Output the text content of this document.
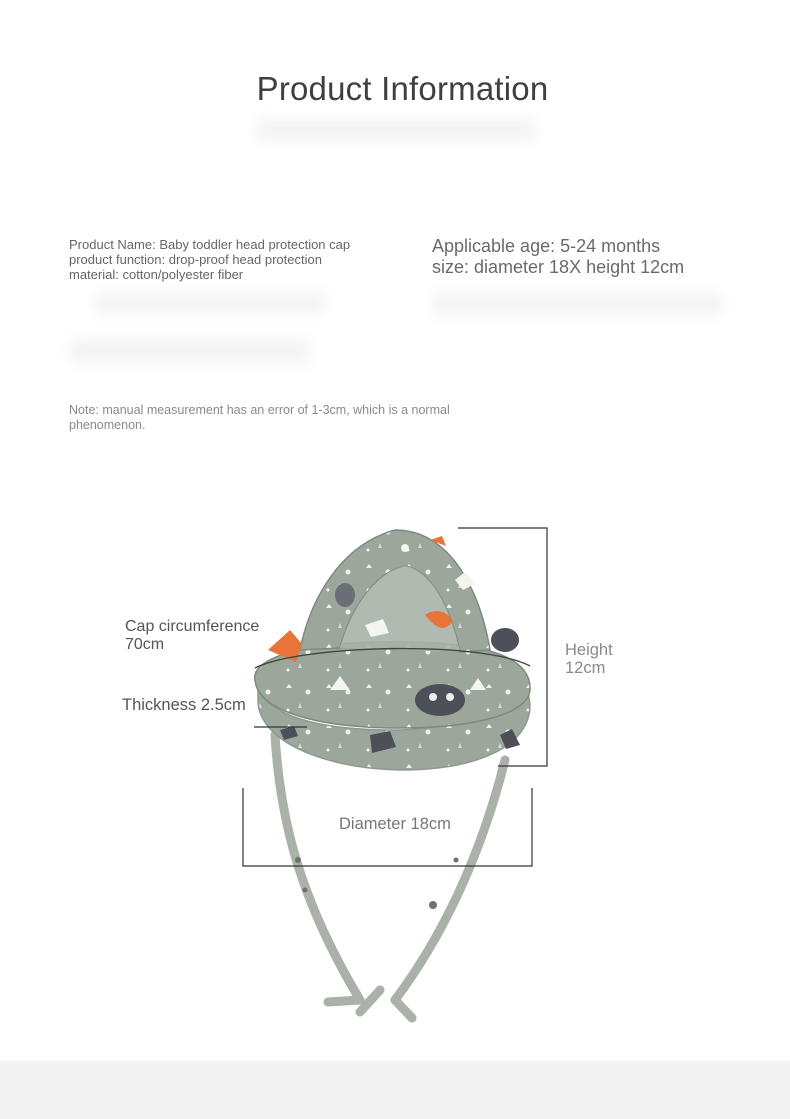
Product Information
Product Name: Baby toddler head protection cap product function: drop-proof head protection material: cotton/polyester fiber
Applicable age: 5-24 months
size: diameter 18X height 12cm
Note: manual measurement has an error of 1-3cm, which is a normal phenomenon.
Cap circumference
70cm
Thickness 2.5cm
Height
12cm
Diameter 18cm
